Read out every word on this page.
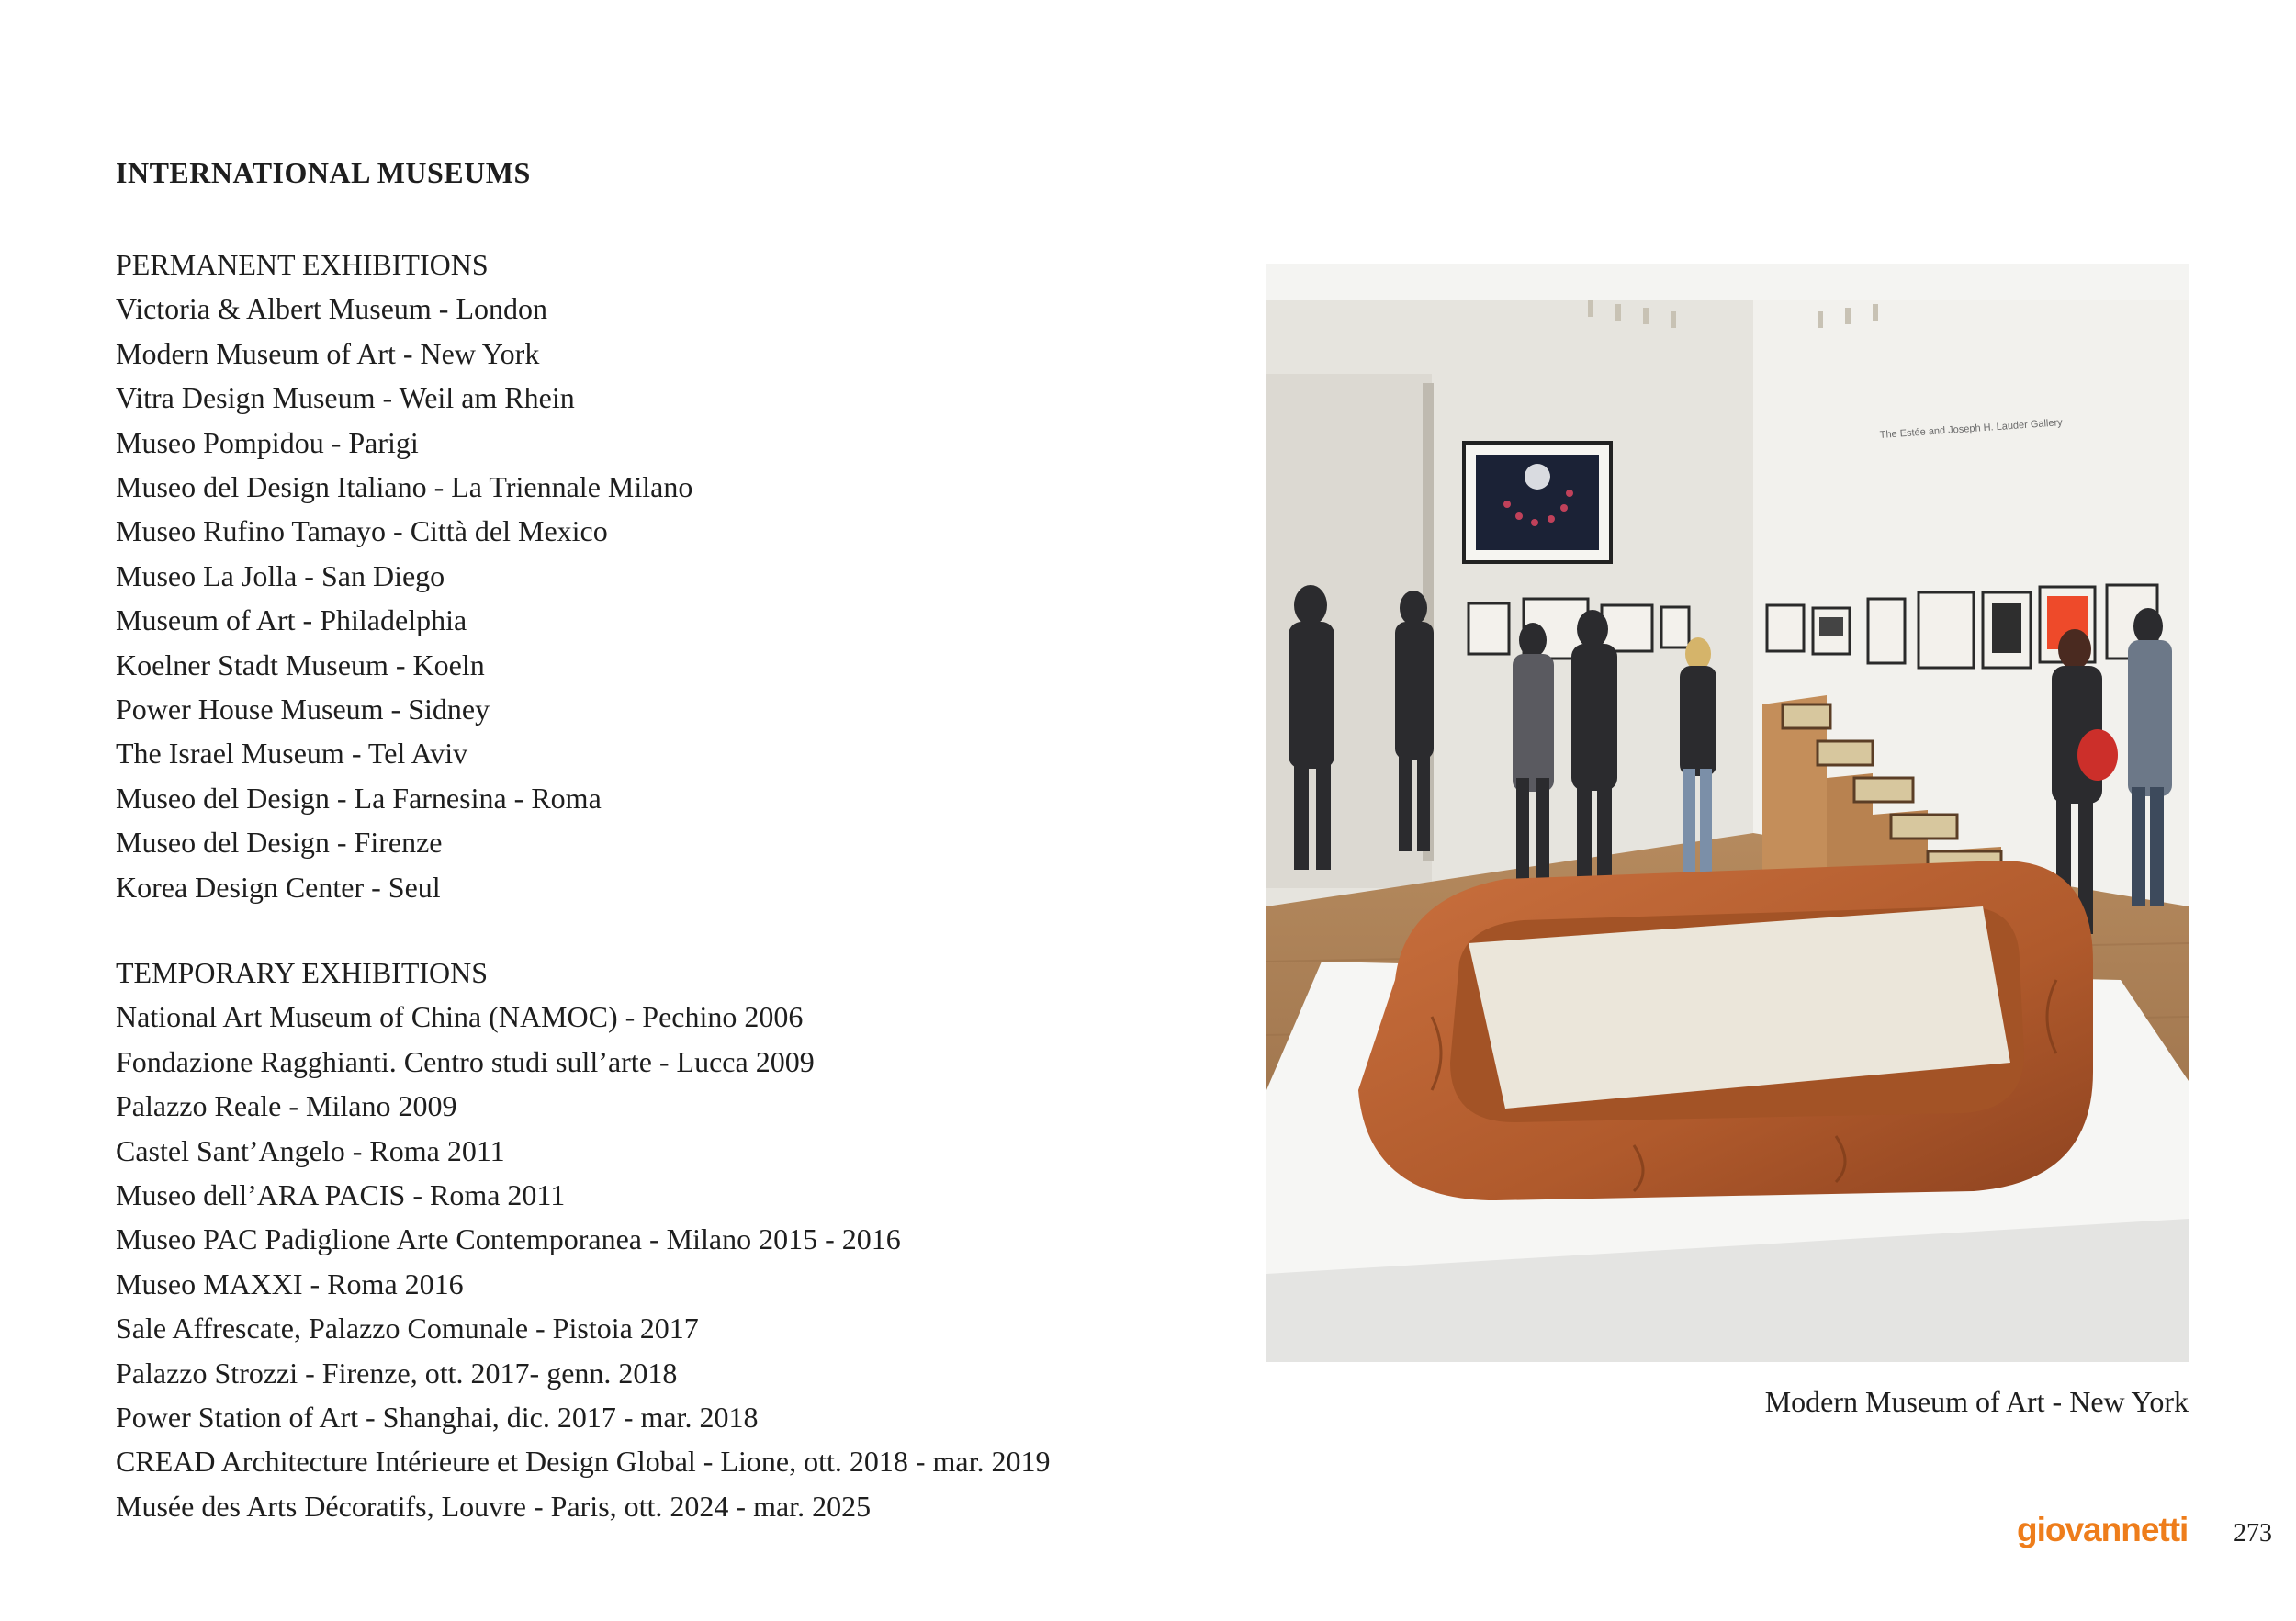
INTERNATIONAL MUSEUMS
PERMANENT EXHIBITIONS
Victoria & Albert Museum - London
Modern Museum of Art - New York
Vitra Design Museum - Weil am Rhein
Museo Pompidou - Parigi
Museo del Design Italiano - La Triennale Milano
Museo Rufino Tamayo - Città del Mexico
Museo La Jolla - San Diego
Museum of Art - Philadelphia
Koelner Stadt Museum - Koeln
Power House Museum - Sidney
The Israel Museum - Tel Aviv
Museo del Design - La Farnesina - Roma
Museo del Design - Firenze
Korea Design Center - Seul
TEMPORARY EXHIBITIONS
National Art Museum of China (NAMOC) - Pechino 2006
Fondazione Ragghianti. Centro studi sull’arte - Lucca 2009
Palazzo Reale - Milano 2009
Castel Sant’Angelo - Roma 2011
Museo dell’ARA PACIS - Roma 2011
Museo PAC Padiglione Arte Contemporanea - Milano 2015 - 2016
Museo MAXXI - Roma 2016
Sale Affrescate, Palazzo Comunale - Pistoia 2017
Palazzo Strozzi - Firenze, ott. 2017- genn. 2018
Power Station of Art - Shanghai, dic. 2017 - mar. 2018
CREAD Architecture Intérieure et Design Global - Lione, ott. 2018 - mar. 2019
Musée des Arts Décoratifs, Louvre - Paris, ott. 2024 - mar. 2025
The Estée and Joseph H. Lauder Gallery

Modern Museum of Art - New York

giovannetti 273
